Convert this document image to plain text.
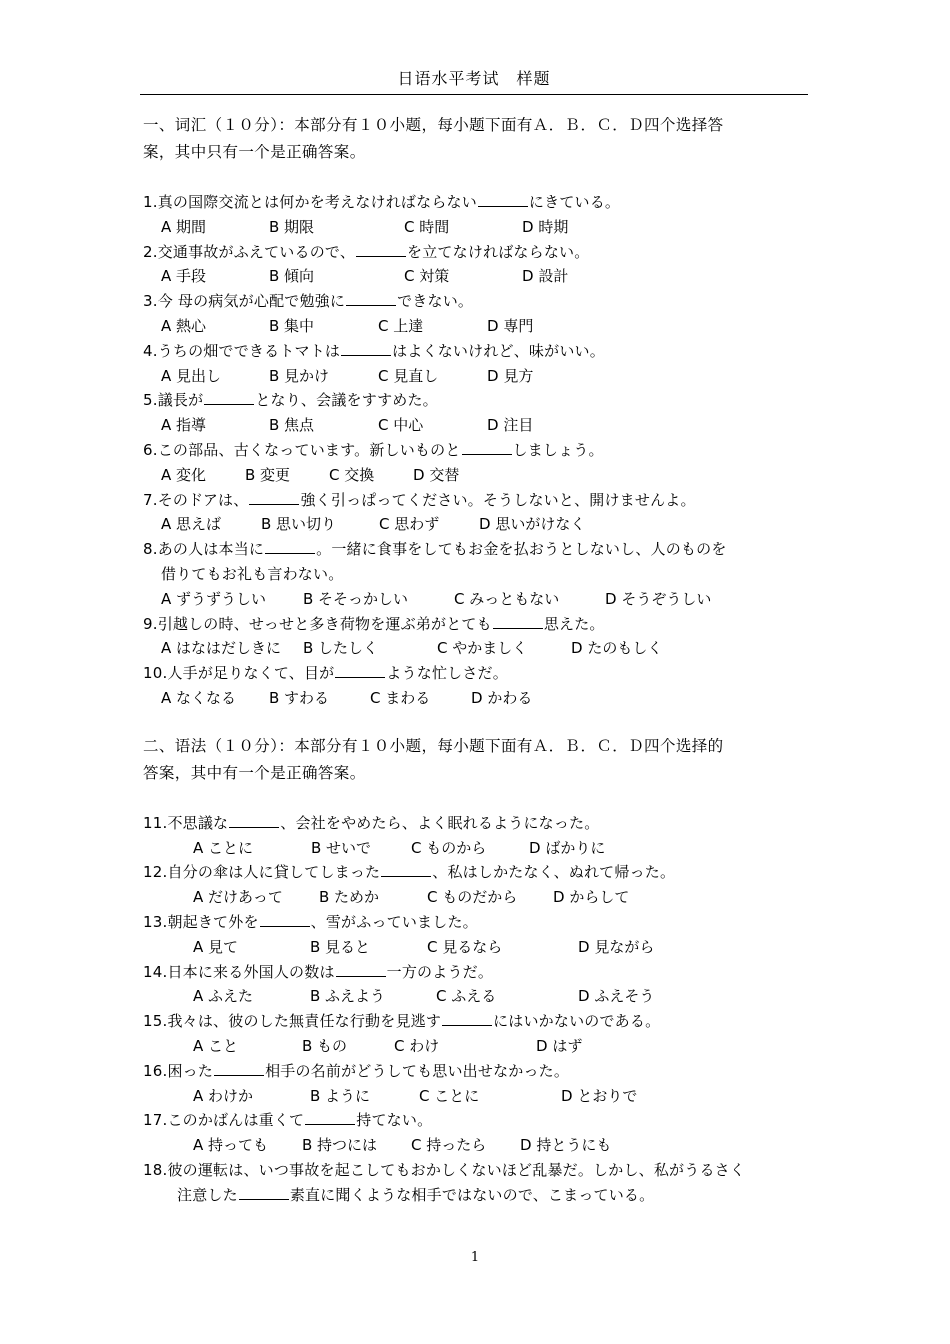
日语水平考试　样题

一、词汇（１０分）：本部分有１０小题，每小题下面有Ａ．Ｂ．Ｃ．Ｄ四个选择答

案，其中只有一个是正确答案。

1.真の国際交流とは何かを考えなければならない	にきている。

A 期間	B 期限	C 時間	D 時期

2.交通事故がふえているので、	を立てなければならない。

A 手段	B 傾向	C 対策	D 設計

3.今 母の病気が心配で勉強に	できない。

A 熱心	B 集中	C 上達	D 専門

4.うちの畑でできるトマトは	はよくないけれど、味がいい。

A 見出し	B 見かけ	C 見直し	D 見方

5.議長が	となり、会議をすすめた。

A 指導	B 焦点	C 中心	D 注目

6.この部品、古くなっています。新しいものと	しましょう。

A 変化	B 変更	C 交換	D 交替

7.そのドアは、	強く引っぱってください。そうしないと、開けませんよ。

A 思えば	B 思い切り	C 思わず	D 思いがけなく

8.あの人は本当に	。一緒に食事をしてもお金を払おうとしないし、人のものを

借りてもお礼も言わない。

A ずうずうしい B そそっかしい	C みっともない	D そうぞうしい

9.引越しの時、せっせと多き荷物を運ぶ弟がとても	思えた。

A はなはだしきに B したしく	C やかましく	D たのもしく

10.人手が足りなくて、目が	ような忙しさだ。

A なくなる B すわる	C まわる	D かわる

二、语法（１０分）：本部分有１０小题，每小题下面有Ａ．Ｂ．Ｃ．Ｄ四个选择的

答案，其中有一个是正确答案。

11.不思議な	、会社をやめたら、よく眠れるようになった。

A ことに	B せいで	C ものから	D ばかりに

12.自分の傘は人に貸してしまった	、私はしかたなく、ぬれて帰った。

A だけあって B ためか	C ものだから D からして

13.朝起きて外を	、雪がふっていました。

A 見て	B 見ると	C 見るなら	D 見ながら

14.日本に来る外国人の数は	一方のようだ。

A ふえた	B ふえよう	C ふえる	D ふえそう

15.我々は、彼のした無責任な行動を見逃す	にはいかないのである。

A こと	B もの	C わけ	D はず

16.困った	相手の名前がどうしても思い出せなかった。

A わけか	B ように	C ことに	D とおりで

17.このかばんは重くて	持てない。

A 持っても B 持つには C 持ったら D 持とうにも

18.彼の運転は、いつ事故を起こしてもおかしくないほど乱暴だ。しかし、私がうるさく

注意した	素直に聞くような相手ではないので、こまっている。

1
